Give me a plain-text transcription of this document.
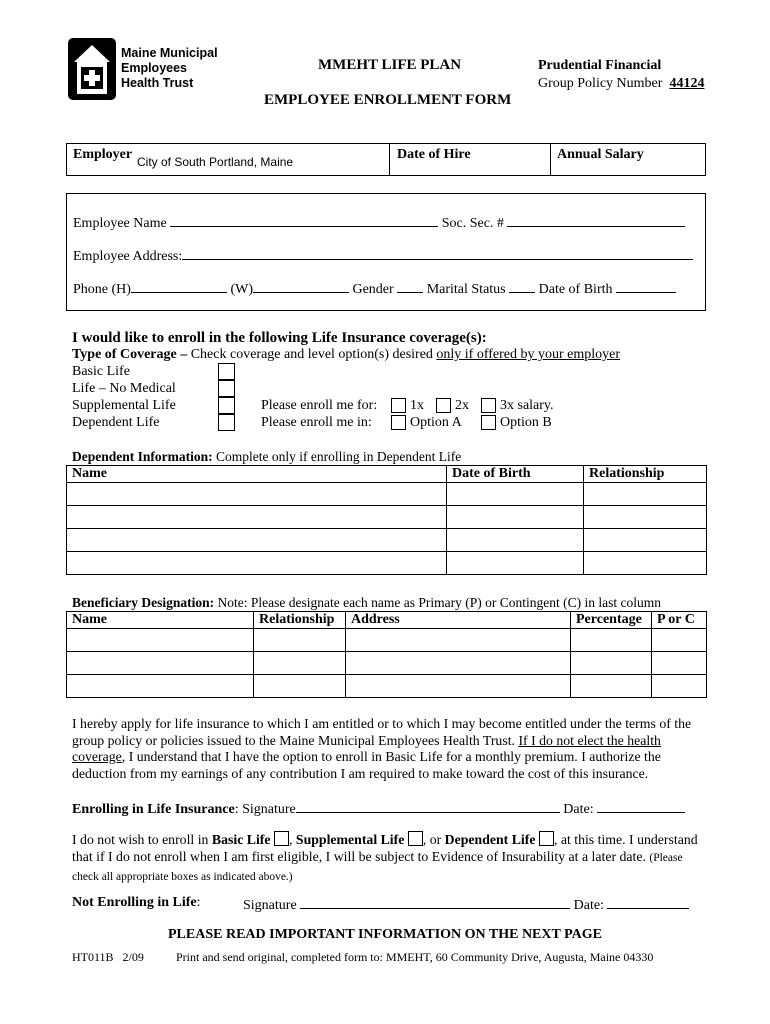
Maine Municipal
Employees
Health Trust
MMEHT LIFE PLAN
EMPLOYEE ENROLLMENT FORM
Prudential Financial
Group Policy Number 44124
Employer City of South Portland, Maine	Date of Hire	Annual Salary
Employee Name	Soc. Sec. #
Employee Address:
Phone (H)	(W)	Gender Marital Status Date of Birth
I would like to enroll in the following Life Insurance coverage(s):
Type of Coverage – Check coverage and level option(s) desired only if offered by your employer
Basic Life
Life – No Medical
Supplemental Life
Dependent Life
Please enroll me for: 1x 2x 3x salary.
Please enroll me in:	Option A	Option B
Dependent Information: Complete only if enrolling in Dependent Life
Name	Date of Birth	Relationship

Beneficiary Designation: Note: Please designate each name as Primary (P) or Contingent (C) in last column
Name	Relationship	Address	Percentage	P or C

I hereby apply for life insurance to which I am entitled or to which I may become entitled under the terms of the group policy or policies issued to the Maine Municipal Employees Health Trust. If I do not elect the health coverage, I understand that I have the option to enroll in Basic Life for a monthly premium. I authorize the deduction from my earnings of any contribution I am required to make toward the cost of this insurance.
Enrolling in Life Insurance: Signature	Date:
I do not wish to enroll in Basic Life , Supplemental Life , or Dependent Life , at this time. I understand that if I do not enroll when I am first eligible, I will be subject to Evidence of Insurability at a later date. (Please check all appropriate boxes as indicated above.)
Not Enrolling in Life:	Signature	Date:
PLEASE READ IMPORTANT INFORMATION ON THE NEXT PAGE
HT011B   2/09	Print and send original, completed form to: MMEHT, 60 Community Drive, Augusta, Maine 04330
